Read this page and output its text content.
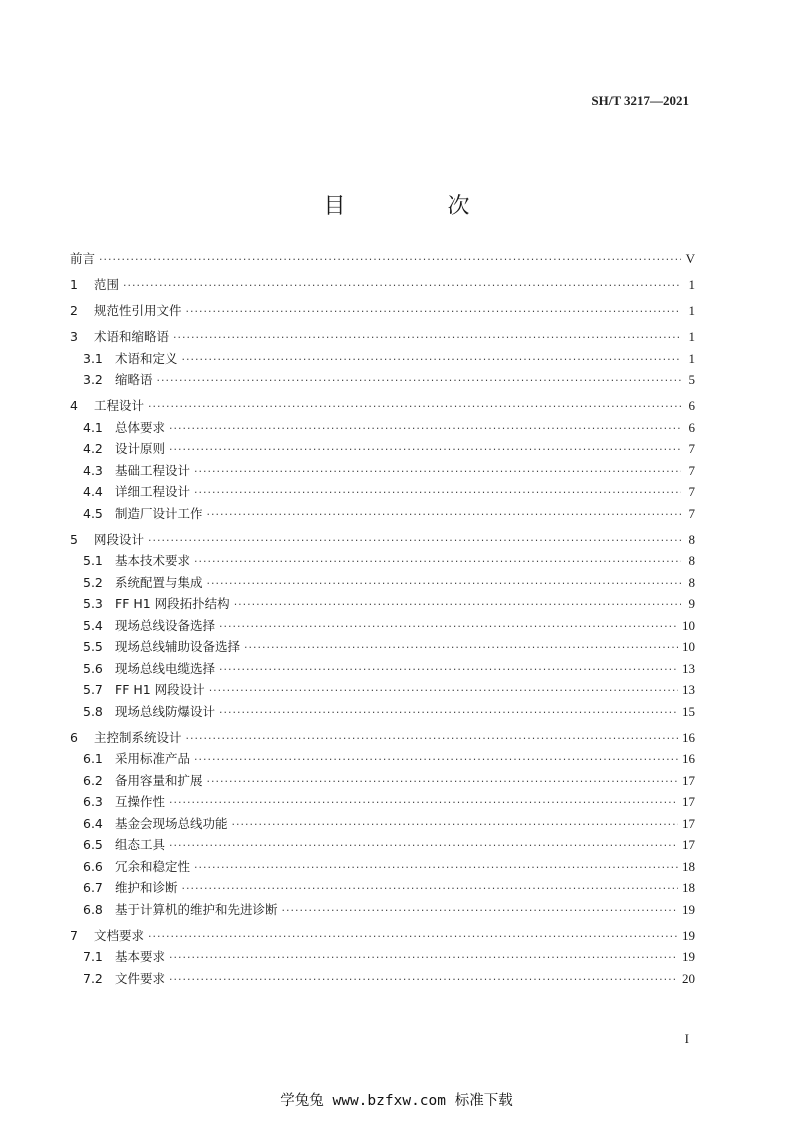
SH/T 3217—2021
目　次
前言 ·····	V
1	范围 ·····	1
2	规范性引用文件 ·····	1
3	术语和缩略语 ·····	1
3.1 术语和定义 ·····	1
3.2 缩略语 ·····	5
4	工程设计 ·····	6
4.1 总体要求 ·····	6
4.2 设计原则 ·····	7
4.3 基础工程设计 ·····	7
4.4 详细工程设计 ·····	7
4.5 制造厂设计工作 ·····	7
5	网段设计 ·····	8
5.1 基本技术要求 ·····	8
5.2 系统配置与集成 ·····	8
5.3 FF H1 网段拓扑结构 ·····	9
5.4 现场总线设备选择 ·····	10
5.5 现场总线辅助设备选择 ·····	10
5.6 现场总线电缆选择 ·····	13
5.7 FF H1 网段设计 ·····	13
5.8 现场总线防爆设计 ·····	15
6	主控制系统设计 ·····	16
6.1 采用标准产品 ·····	16
6.2 备用容量和扩展 ·····	17
6.3 互操作性 ·····	17
6.4 基金会现场总线功能 ·····	17
6.5 组态工具 ·····	17
6.6 冗余和稳定性 ·····	18
6.7 维护和诊断 ·····	18
6.8 基于计算机的维护和先进诊断 ·····	19
7	文档要求 ·····	19
7.1 基本要求 ·····	19
7.2 文件要求 ·····	20
I
学兔兔 www.bzfxw.com 标准下载
